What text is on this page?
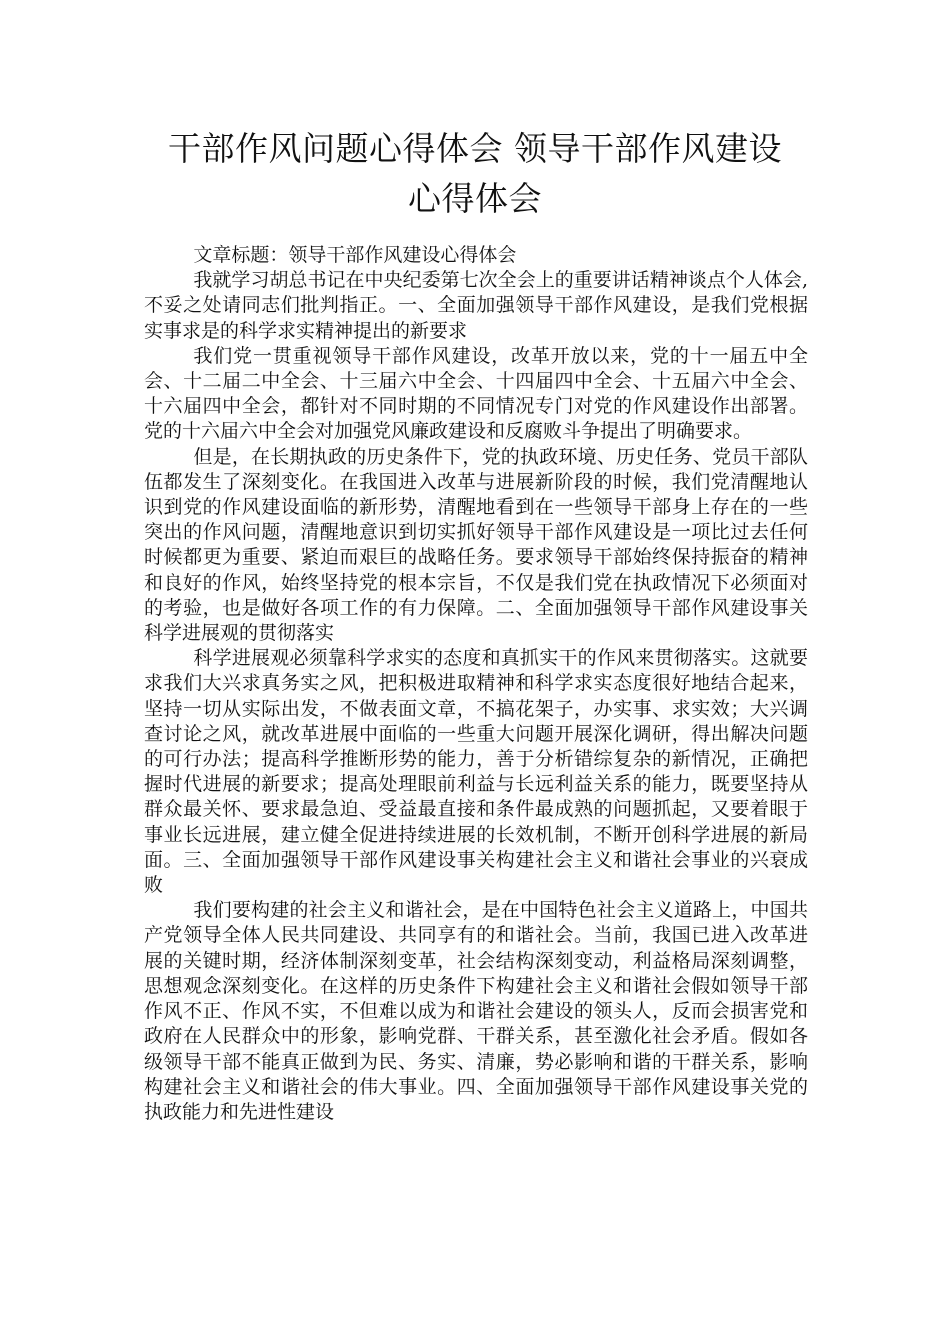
干部作风问题心得体会 领导干部作风建设
心得体会

文章标题：领导干部作风建设心得体会

我就学习胡总书记在中央纪委第七次全会上的重要讲话精神谈点个人体会,不妥之处请同志们批判指正。一、全面加强领导干部作风建设，是我们党根据实事求是的科学求实精神提出的新要求

我们党一贯重视领导干部作风建设，改革开放以来，党的十一届五中全会、十二届二中全会、十三届六中全会、十四届四中全会、十五届六中全会、十六届四中全会，都针对不同时期的不同情况专门对党的作风建设作出部署。党的十六届六中全会对加强党风廉政建设和反腐败斗争提出了明确要求。

但是，在长期执政的历史条件下，党的执政环境、历史任务、党员干部队伍都发生了深刻变化。在我国进入改革与进展新阶段的时候，我们党清醒地认识到党的作风建设面临的新形势，清醒地看到在一些领导干部身上存在的一些突出的作风问题，清醒地意识到切实抓好领导干部作风建设是一项比过去任何时候都更为重要、紧迫而艰巨的战略任务。要求领导干部始终保持振奋的精神和良好的作风，始终坚持党的根本宗旨，不仅是我们党在执政情况下必须面对的考验，也是做好各项工作的有力保障。二、全面加强领导干部作风建设事关科学进展观的贯彻落实

科学进展观必须靠科学求实的态度和真抓实干的作风来贯彻落实。这就要求我们大兴求真务实之风，把积极进取精神和科学求实态度很好地结合起来，坚持一切从实际出发，不做表面文章，不搞花架子，办实事、求实效；大兴调查讨论之风，就改革进展中面临的一些重大问题开展深化调研，得出解决问题的可行办法；提高科学推断形势的能力，善于分析错综复杂的新情况，正确把握时代进展的新要求；提高处理眼前利益与长远利益关系的能力，既要坚持从群众最关怀、要求最急迫、受益最直接和条件最成熟的问题抓起，又要着眼于事业长远进展，建立健全促进持续进展的长效机制，不断开创科学进展的新局面。三、全面加强领导干部作风建设事关构建社会主义和谐社会事业的兴衰成败

我们要构建的社会主义和谐社会，是在中国特色社会主义道路上，中国共产党领导全体人民共同建设、共同享有的和谐社会。当前，我国已进入改革进展的关键时期，经济体制深刻变革，社会结构深刻变动，利益格局深刻调整，思想观念深刻变化。在这样的历史条件下构建社会主义和谐社会假如领导干部作风不正、作风不实，不但难以成为和谐社会建设的领头人，反而会损害党和政府在人民群众中的形象，影响党群、干群关系，甚至激化社会矛盾。假如各级领导干部不能真正做到为民、务实、清廉，势必影响和谐的干群关系，影响构建社会主义和谐社会的伟大事业。四、全面加强领导干部作风建设事关党的执政能力和先进性建设
